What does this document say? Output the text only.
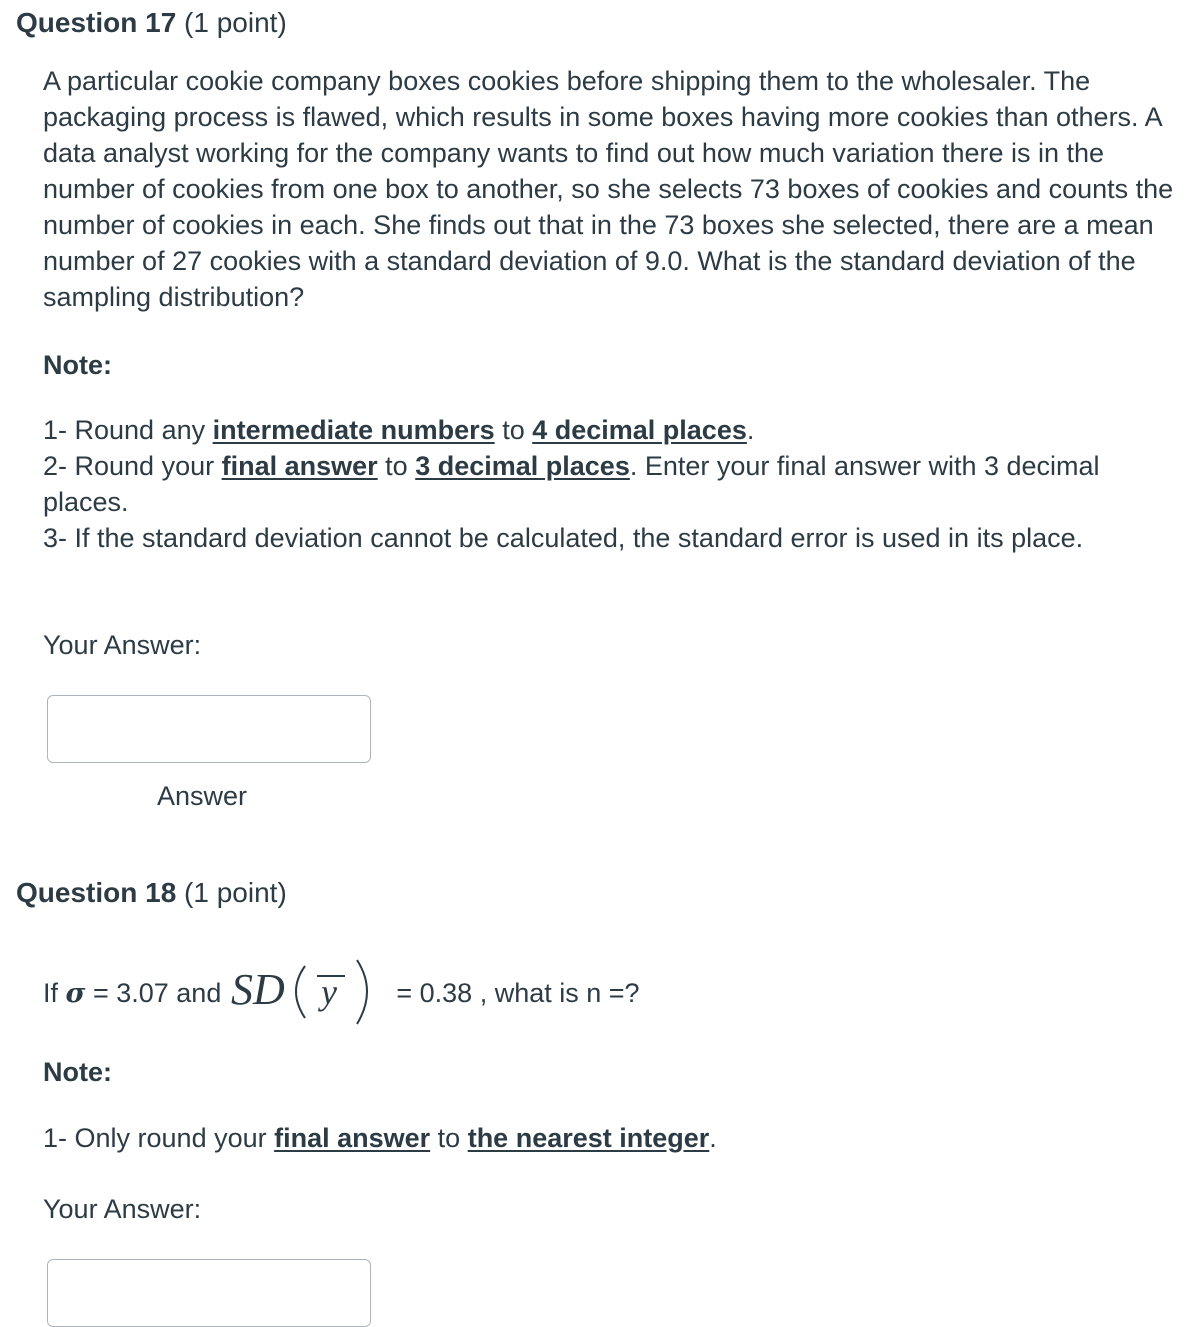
Question 17 (1 point)

A particular cookie company boxes cookies before shipping them to the wholesaler. The packaging process is flawed, which results in some boxes having more cookies than others. A data analyst working for the company wants to find out how much variation there is in the number of cookies from one box to another, so she selects 73 boxes of cookies and counts the number of cookies in each. She finds out that in the 73 boxes she selected, there are a mean number of 27 cookies with a standard deviation of 9.0. What is the standard deviation of the sampling distribution?

Note:

1- Round any intermediate numbers to 4 decimal places.

2- Round your final answer to 3 decimal places. Enter your final answer with 3 decimal places.

3- If the standard deviation cannot be calculated, the standard error is used in its place.

Your Answer:
Answer
Question 18 (1 point)
If σ = 3.07 and SD y = 0.38 , what is n =?
Note:

1- Only round your final answer to the nearest integer.

Your Answer:
